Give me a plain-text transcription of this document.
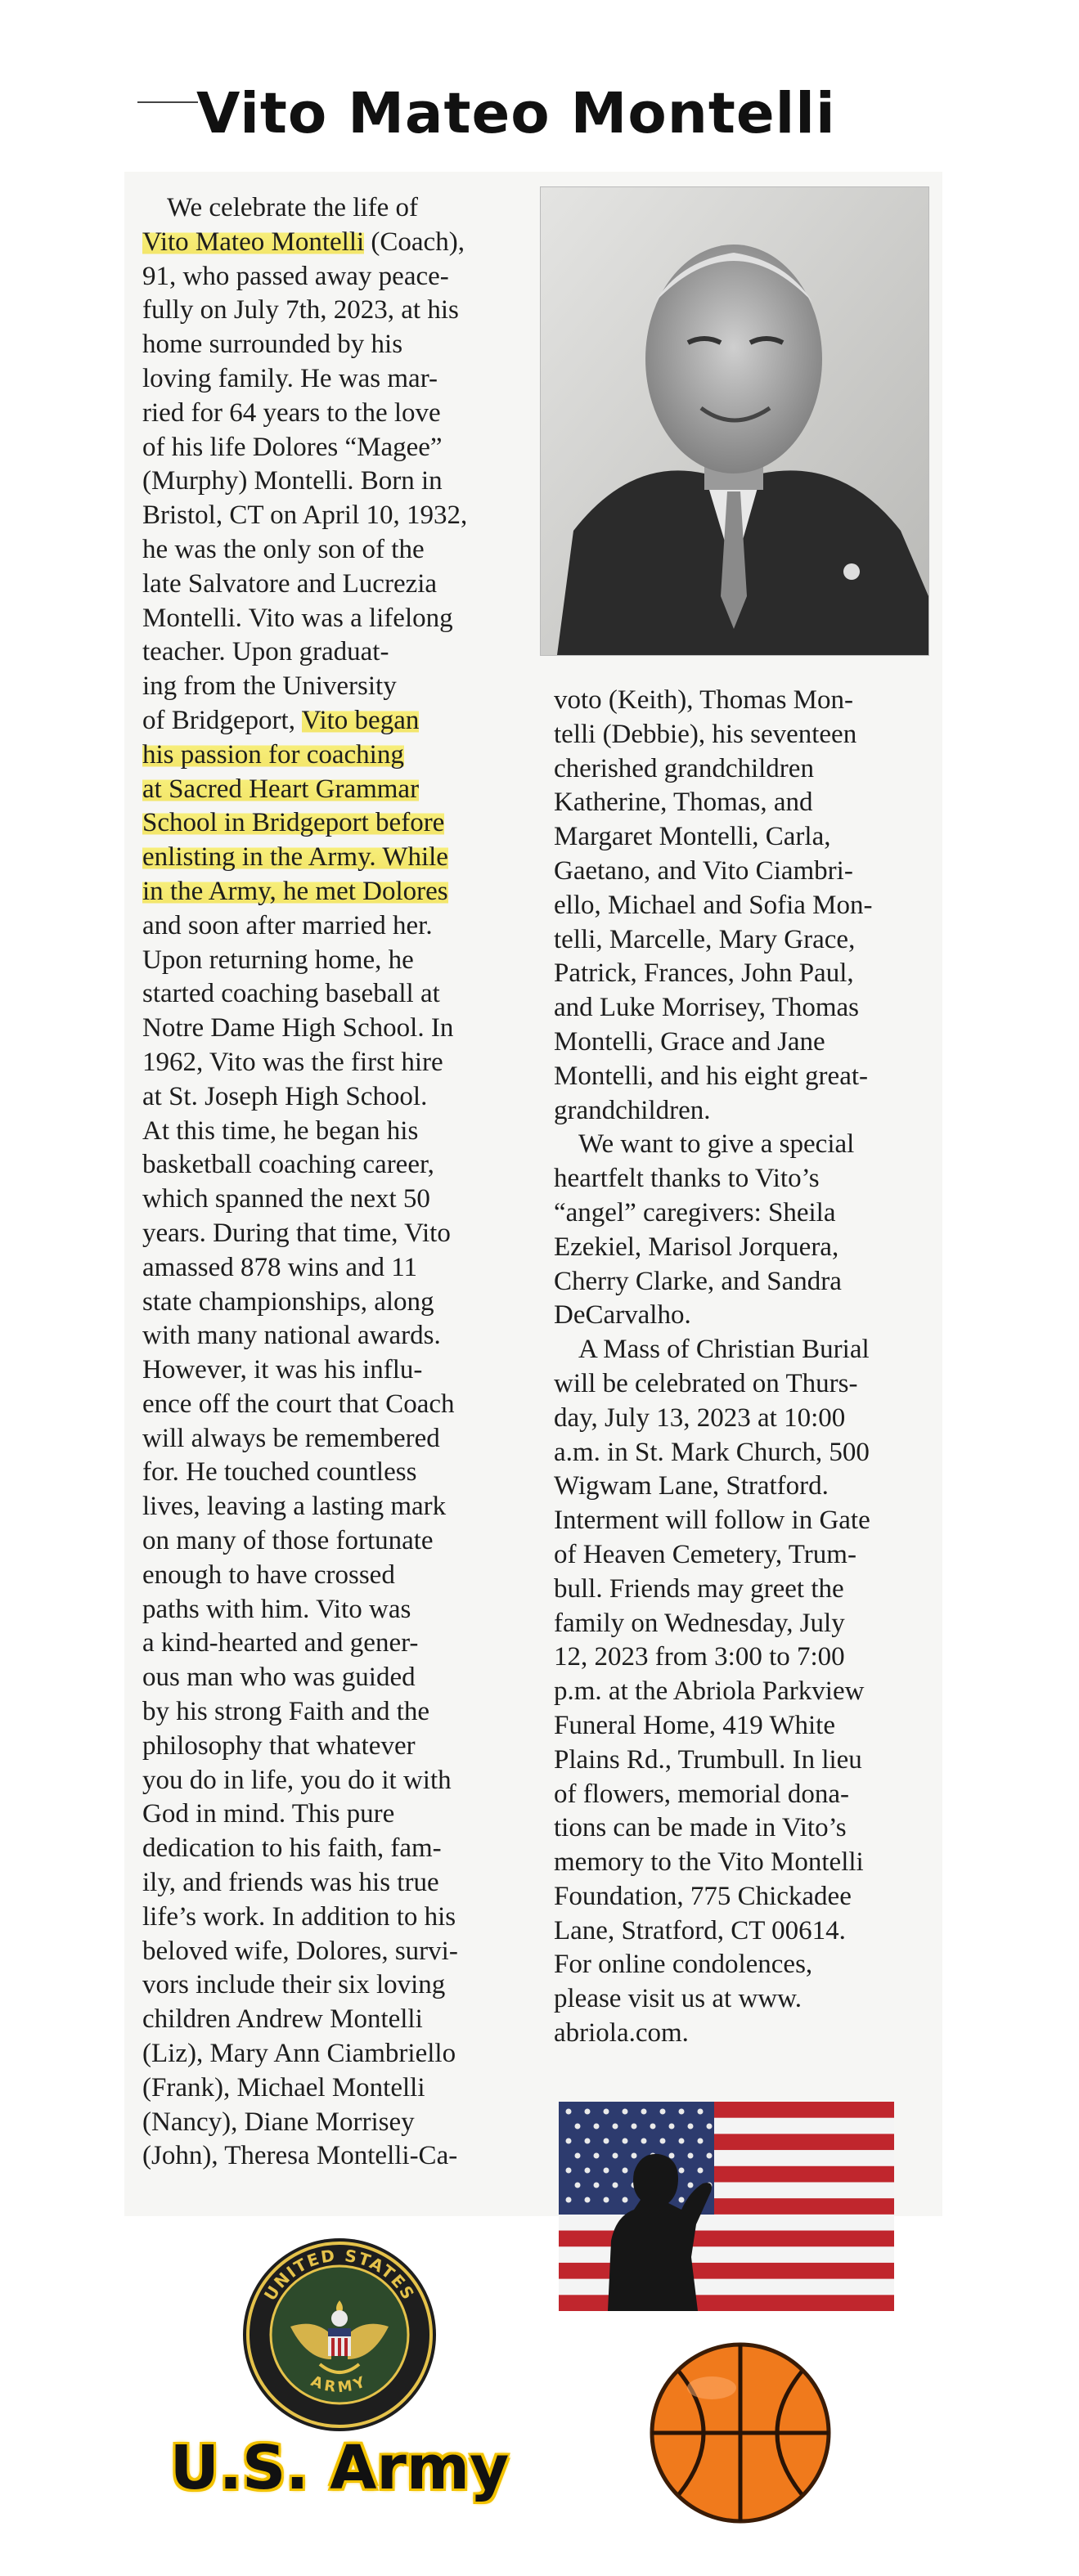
Vito Mateo Montelli
We celebrate the life of
Vito Mateo Montelli (Coach),
91, who passed away peace-
fully on July 7th, 2023, at his
home surrounded by his
loving family. He was mar-
ried for 64 years to the love
of his life Dolores “Magee”
(Murphy) Montelli. Born in
Bristol, CT on April 10, 1932,
he was the only son of the
late Salvatore and Lucrezia
Montelli. Vito was a lifelong
teacher. Upon graduat-
ing from the University
of Bridgeport, Vito began
his passion for coaching
at Sacred Heart Grammar
School in Bridgeport before
enlisting in the Army. While
in the Army, he met Dolores
and soon after married her.
Upon returning home, he
started coaching baseball at
Notre Dame High School. In
1962, Vito was the first hire
at St. Joseph High School.
At this time, he began his
basketball coaching career,
which spanned the next 50
years. During that time, Vito
amassed 878 wins and 11
state championships, along
with many national awards.
However, it was his influ-
ence off the court that Coach
will always be remembered
for. He touched countless
lives, leaving a lasting mark
on many of those fortunate
enough to have crossed
paths with him. Vito was
a kind-hearted and gener-
ous man who was guided
by his strong Faith and the
philosophy that whatever
you do in life, you do it with
God in mind. This pure
dedication to his faith, fam-
ily, and friends was his true
life’s work. In addition to his
beloved wife, Dolores, survi-
vors include their six loving
children Andrew Montelli
(Liz), Mary Ann Ciambriello
(Frank), Michael Montelli
(Nancy), Diane Morrisey
(John), Theresa Montelli-Ca-
voto (Keith), Thomas Mon-
telli (Debbie), his seventeen
cherished grandchildren
Katherine, Thomas, and
Margaret Montelli, Carla,
Gaetano, and Vito Ciambri-
ello, Michael and Sofia Mon-
telli, Marcelle, Mary Grace,
Patrick, Frances, John Paul,
and Luke Morrisey, Thomas
Montelli, Grace and Jane
Montelli, and his eight great-
grandchildren.
We want to give a special
heartfelt thanks to Vito’s
“angel” caregivers: Sheila
Ezekiel, Marisol Jorquera,
Cherry Clarke, and Sandra
DeCarvalho.
A Mass of Christian Burial
will be celebrated on Thurs-
day, July 13, 2023 at 10:00
a.m. in St. Mark Church, 500
Wigwam Lane, Stratford.
Interment will follow in Gate
of Heaven Cemetery, Trum-
bull. Friends may greet the
family on Wednesday, July
12, 2023 from 3:00 to 7:00
p.m. at the Abriola Parkview
Funeral Home, 419 White
Plains Rd., Trumbull. In lieu
of flowers, memorial dona-
tions can be made in Vito’s
memory to the Vito Montelli
Foundation, 775 Chickadee
Lane, Stratford, CT 00614.
For online condolences,
please visit us at www.
abriola.com.
UNITED STATES
ARMY
U.S. Army
